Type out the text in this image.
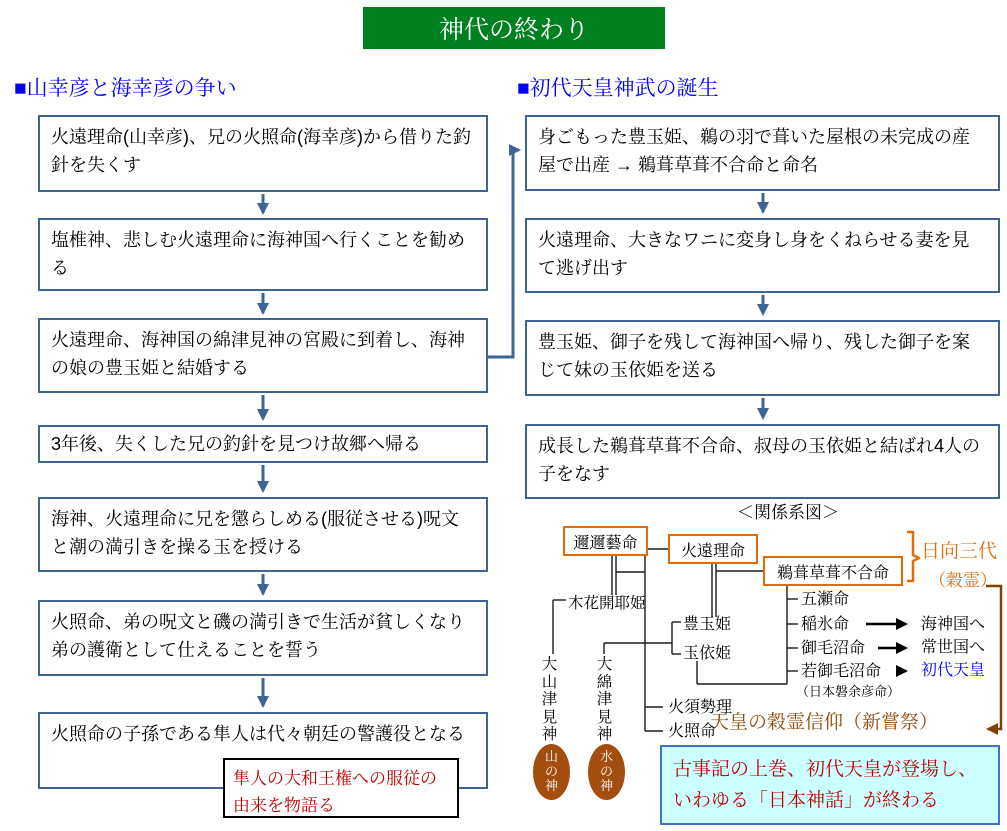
神代の終わり
■山幸彦と海幸彦の争い	■初代天皇神武の誕生
火遠理命(山幸彦)、兄の火照命(海幸彦)から借りた釣針を失くす
塩椎神、悲しむ火遠理命に海神国へ行くことを勧める
火遠理命、海神国の綿津見神の宮殿に到着し、海神の娘の豊玉姫と結婚する
3年後、失くした兄の釣針を見つけ故郷へ帰る
海神、火遠理命に兄を懲らしめる(服従させる)呪文と潮の満引きを操る玉を授ける
火照命、弟の呪文と磯の満引きで生活が貧しくなり弟の護衛として仕えることを誓う
火照命の子孫である隼人は代々朝廷の警護役となる
身ごもった豊玉姫、鵜の羽で葺いた屋根の未完成の産屋で出産 → 鵜葺草葺不合命と命名
火遠理命、大きなワニに変身し身をくねらせる妻を見て逃げ出す
豊玉姫、御子を残して海神国へ帰り、残した御子を案じて妹の玉依姫を送る
成長した鵜葺草葺不合命、叔母の玉依姫と結ばれ4人の子をなす
隼人の大和王権への服従の由来を物語る
＜関係系図＞
邇邇藝命	火遠理命
鵜葺草葺不合命
日向三代
（穀霊）
木花開耶姫
豊玉姫
玉依姫
火須勢理
火照命
五瀬命
稲氷命
御毛沼命
若御毛沼命
海神国へ
常世国へ
初代天皇
（日本磐余彦命）
大山津見神
大綿津見神
山の神
水の神
天皇の穀霊信仰（新嘗祭）
古事記の上巻、初代天皇が登場し、いわゆる「日本神話」が終わる
